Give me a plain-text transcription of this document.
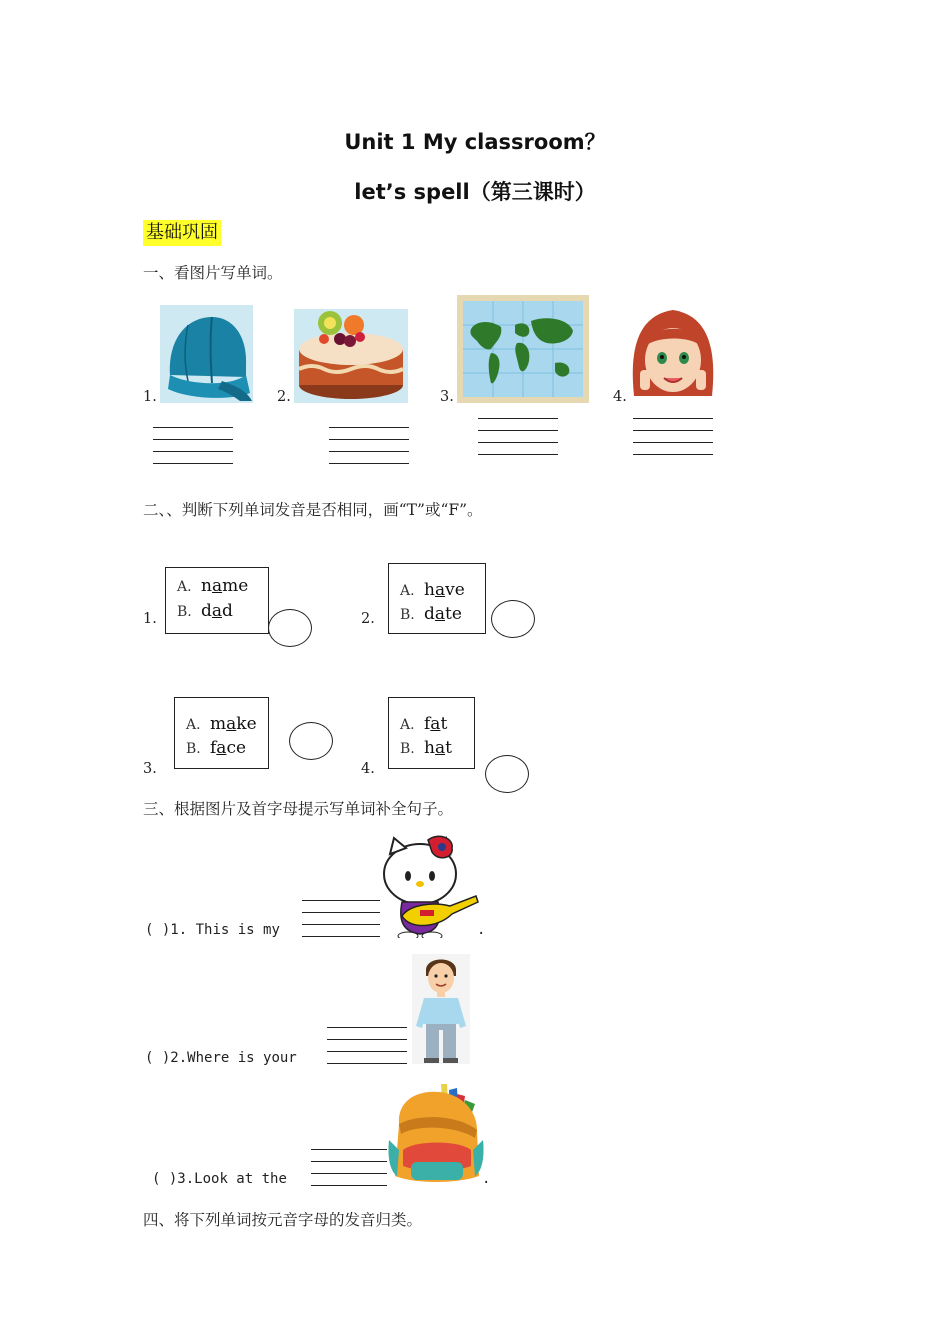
Unit 1 My classroom？
let’s spell（第三课时）
基础巩固
一、看图片写单词。
1.	2.	3.	4.
二、、判断下列单词发音是否相同，画“T”或“F”。
1.
A. name
B. dad	2.
A. have
B. date
3.
A. make
B. face
4.
A. fat
B. hat
三、根据图片及首字母提示写单词补全句子。
( )1. This is my	.
( )2.Where is your
( )3.Look at the	.
四、将下列单词按元音字母的发音归类。
